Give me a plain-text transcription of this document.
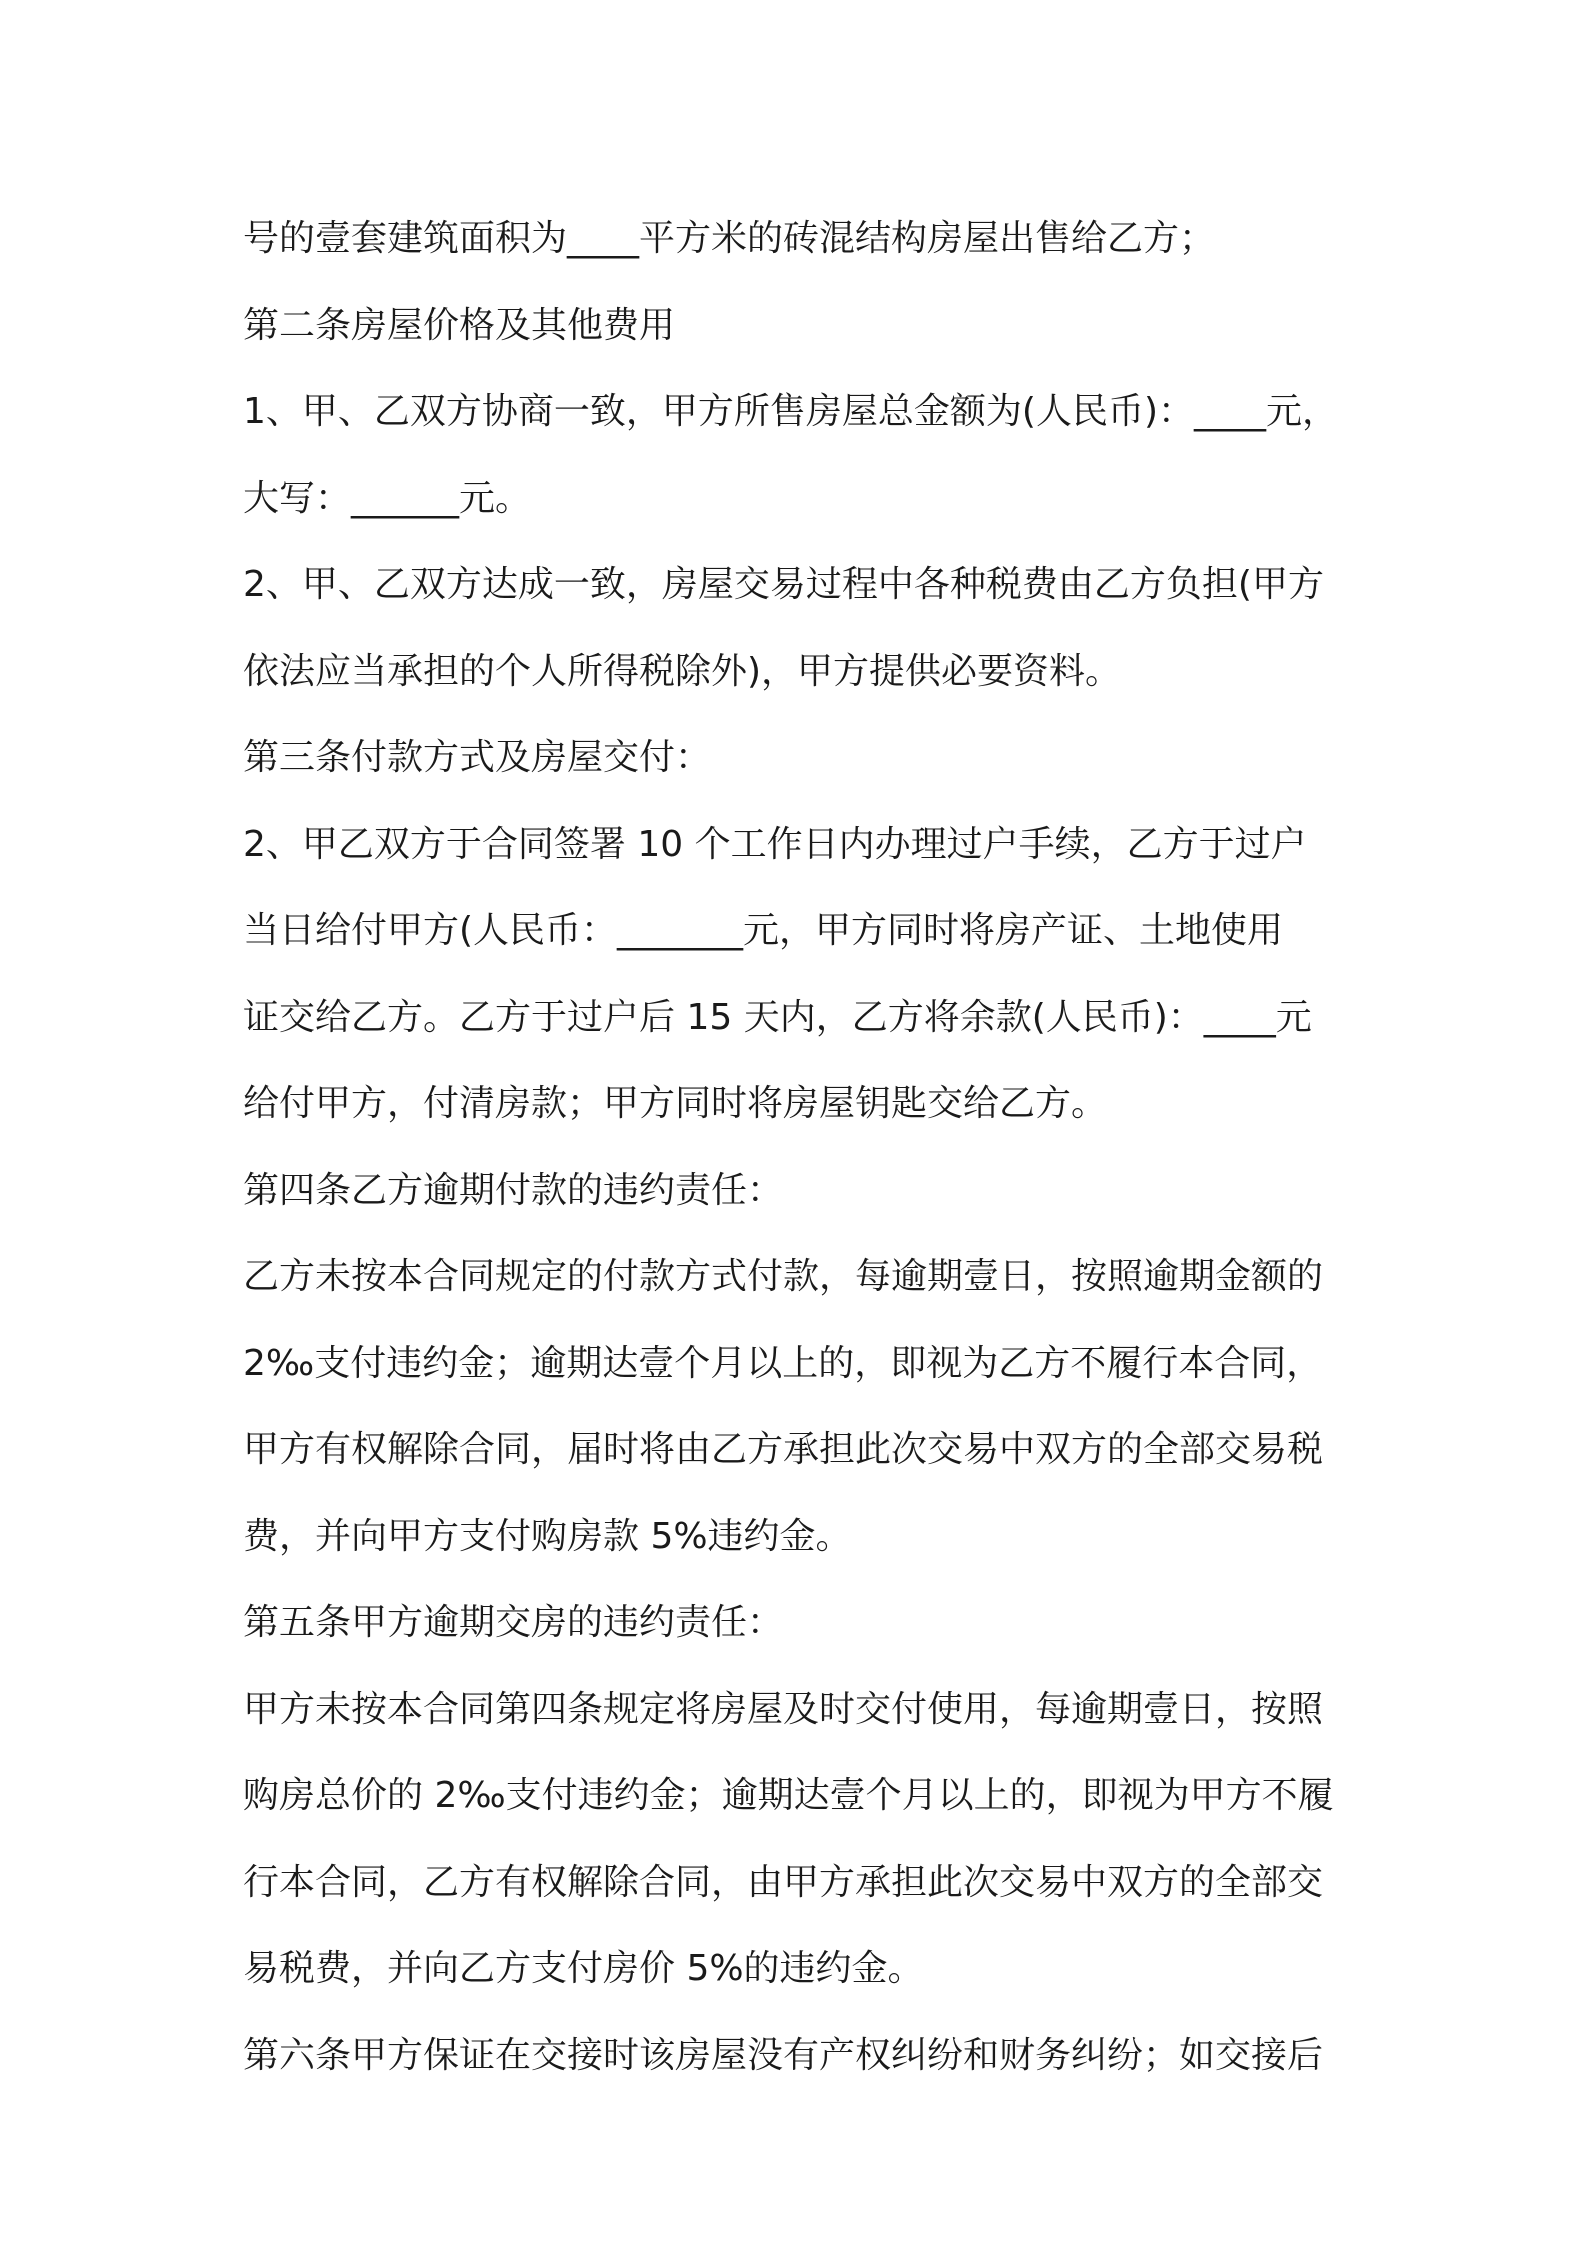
号的壹套建筑面积为____平方米的砖混结构房屋出售给乙方；
第二条房屋价格及其他费用
1、甲、乙双方协商一致，甲方所售房屋总金额为(人民币)：____元，
大写：______元。
2、甲、乙双方达成一致，房屋交易过程中各种税费由乙方负担(甲方
依法应当承担的个人所得税除外)，甲方提供必要资料。
第三条付款方式及房屋交付：
2、甲乙双方于合同签署 10 个工作日内办理过户手续，乙方于过户
当日给付甲方(人民币：_______元，甲方同时将房产证、土地使用
证交给乙方。乙方于过户后 15 天内，乙方将余款(人民币)：____元
给付甲方，付清房款；甲方同时将房屋钥匙交给乙方。
第四条乙方逾期付款的违约责任：
乙方未按本合同规定的付款方式付款，每逾期壹日，按照逾期金额的
2‰支付违约金；逾期达壹个月以上的，即视为乙方不履行本合同，
甲方有权解除合同，届时将由乙方承担此次交易中双方的全部交易税
费，并向甲方支付购房款 5%违约金。
第五条甲方逾期交房的违约责任：
甲方未按本合同第四条规定将房屋及时交付使用，每逾期壹日，按照
购房总价的 2‰支付违约金；逾期达壹个月以上的，即视为甲方不履
行本合同，乙方有权解除合同，由甲方承担此次交易中双方的全部交
易税费，并向乙方支付房价 5%的违约金。
第六条甲方保证在交接时该房屋没有产权纠纷和财务纠纷；如交接后
